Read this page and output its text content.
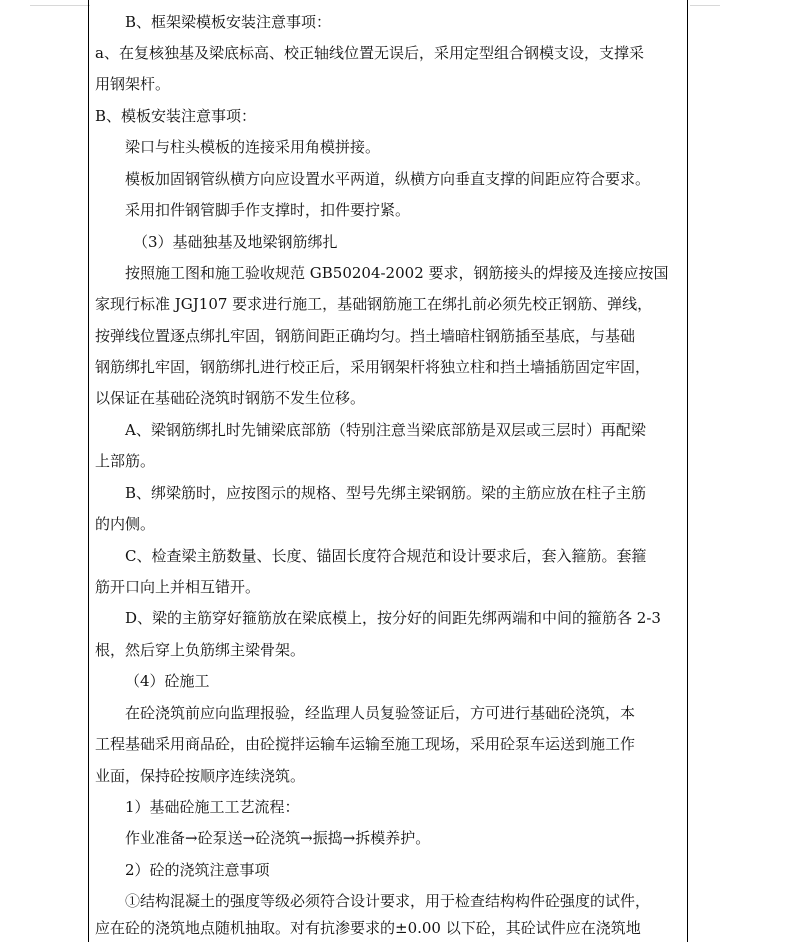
B、框架梁模板安装注意事项：
a、在复核独基及梁底标高、校正轴线位置无误后，采用定型组合钢模支设，支撑采
用钢架杆。
B、模板安装注意事项：
梁口与柱头模板的连接采用角模拼接。
模板加固钢管纵横方向应设置水平两道，纵横方向垂直支撑的间距应符合要求。
采用扣件钢管脚手作支撑时，扣件要拧紧。
（3）基础独基及地梁钢筋绑扎
按照施工图和施工验收规范 GB50204-2002 要求，钢筋接头的焊接及连接应按国
家现行标准 JGJ107 要求进行施工，基础钢筋施工在绑扎前必须先校正钢筋、弹线，
按弹线位置逐点绑扎牢固，钢筋间距正确均匀。挡土墙暗柱钢筋插至基底，与基础
钢筋绑扎牢固，钢筋绑扎进行校正后，采用钢架杆将独立柱和挡土墙插筋固定牢固，
以保证在基础砼浇筑时钢筋不发生位移。
A、梁钢筋绑扎时先铺梁底部筋（特别注意当梁底部筋是双层或三层时）再配梁
上部筋。
B、绑梁筋时，应按图示的规格、型号先绑主梁钢筋。梁的主筋应放在柱子主筋
的内侧。
C、检查梁主筋数量、长度、锚固长度符合规范和设计要求后，套入箍筋。套箍
筋开口向上并相互错开。
D、梁的主筋穿好箍筋放在梁底模上，按分好的间距先绑两端和中间的箍筋各 2-3
根，然后穿上负筋绑主梁骨架。
（4）砼施工
在砼浇筑前应向监理报验，经监理人员复验签证后，方可进行基础砼浇筑，本
工程基础采用商品砼，由砼搅拌运输车运输至施工现场，采用砼泵车运送到施工作
业面，保持砼按顺序连续浇筑。
1）基础砼施工工艺流程：
作业准备→砼泵送→砼浇筑→振捣→拆模养护。
2）砼的浇筑注意事项
①结构混凝土的强度等级必须符合设计要求，用于检查结构构件砼强度的试件，
应在砼的浇筑地点随机抽取。对有抗渗要求的±0.00 以下砼，其砼试件应在浇筑地
